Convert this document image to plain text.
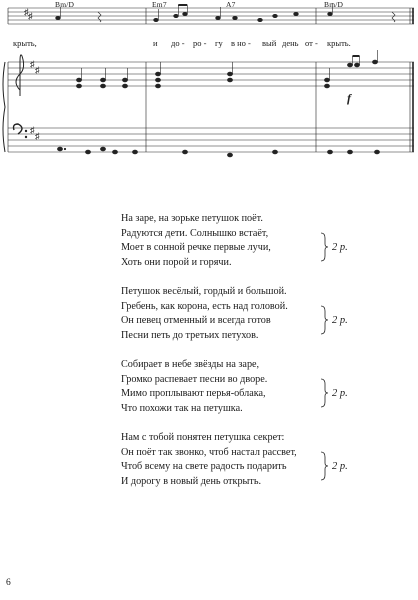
Bm/D	Em7	A7	Bm/D
♯
♯
♯
♯
♯ ♯
f
крыть,	и до - ро - гу в но - вый день от - крыть.
На заре, на зорьке петушок поёт.
Радуются дети. Солнышко встаёт,
Моет в сонной речке первые лучи,
Хоть они порой и горячи.
2 р.
Петушок весёлый, гордый и большой.
Гребень, как корона, есть над головой.
Он певец отменный и всегда готов
Песни петь до третьих петухов.
2 р.
Собирает в небе звёзды на заре,
Громко распевает песни во дворе.
Мимо проплывают перья-облака,
Что похожи так на петушка.
2 р.
Нам с тобой понятен петушка секрет:
Он поёт так звонко, чтоб настал рассвет,
Чтоб всему на свете радость подарить
И дорогу в новый день открыть.
2 р.
6
